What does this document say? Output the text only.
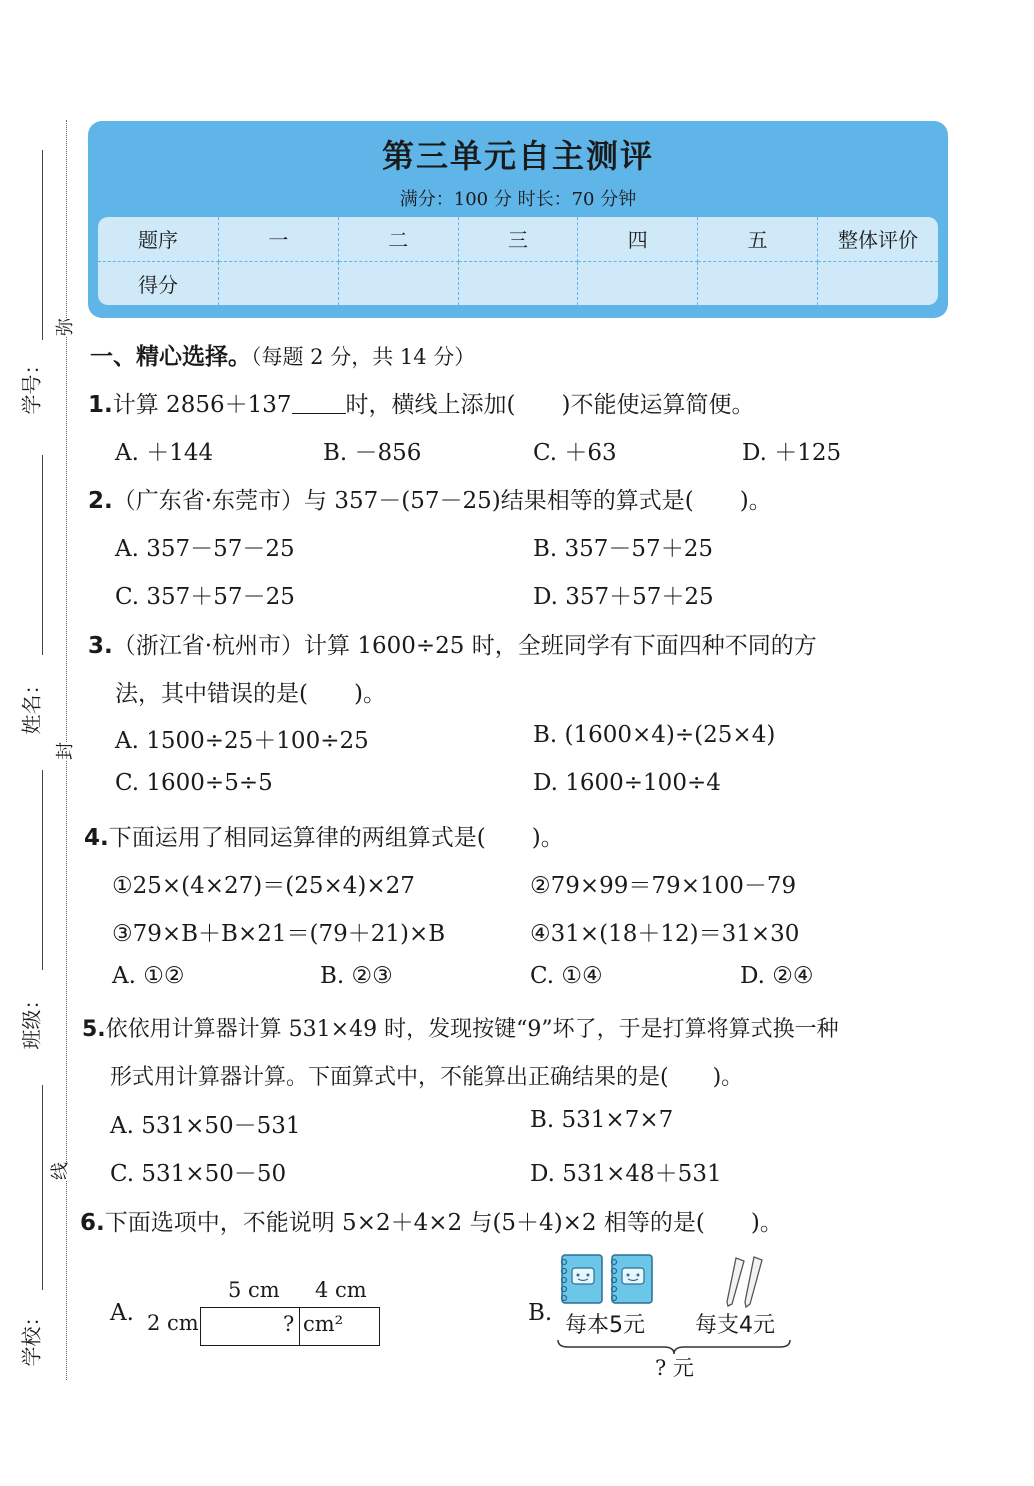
学号：
姓名：
班级：
学校：
弥
封
线
第三单元自主测评
满分：100 分 时长：70 分钟
题序	一	二	三	四	五	整体评价
得分						
一、精心选择。（每题 2 分，共 14 分）
1.计算 2856＋137 时，横线上添加(　　)不能使运算简便。
A. ＋144	B. －856	C. ＋63	D. ＋125
2.（广东省·东莞市）与 357－(57－25)结果相等的算式是(　　)。
A. 357－57－25	B. 357－57＋25
C. 357＋57－25	D. 357＋57＋25
3.（浙江省·杭州市）计算 1600÷25 时，全班同学有下面四种不同的方
法，其中错误的是(　　)。
A. 1500÷25＋100÷25	B. (1600×4)÷(25×4)
C. 1600÷5÷5	D. 1600÷100÷4
4.下面运用了相同运算律的两组算式是(　　)。
①25×(4×27)＝(25×4)×27	②79×99＝79×100－79
③79×B＋B×21＝(79＋21)×B	④31×(18＋12)＝31×30
A. ①②	B. ②③	C. ①④	D. ②④
5.依依用计算器计算 531×49 时，发现按键“9”坏了，于是打算将算式换一种
形式用计算器计算。下面算式中，不能算出正确结果的是(　　)。
A. 531×50－531	B. 531×7×7
C. 531×50－50	D. 531×48＋531
6.下面选项中，不能说明 5×2＋4×2 与(5＋4)×2 相等的是(　　)。
A.
5 cm 4 cm
2 cm	? cm²	B. 每本5元 每支4元
? 元
